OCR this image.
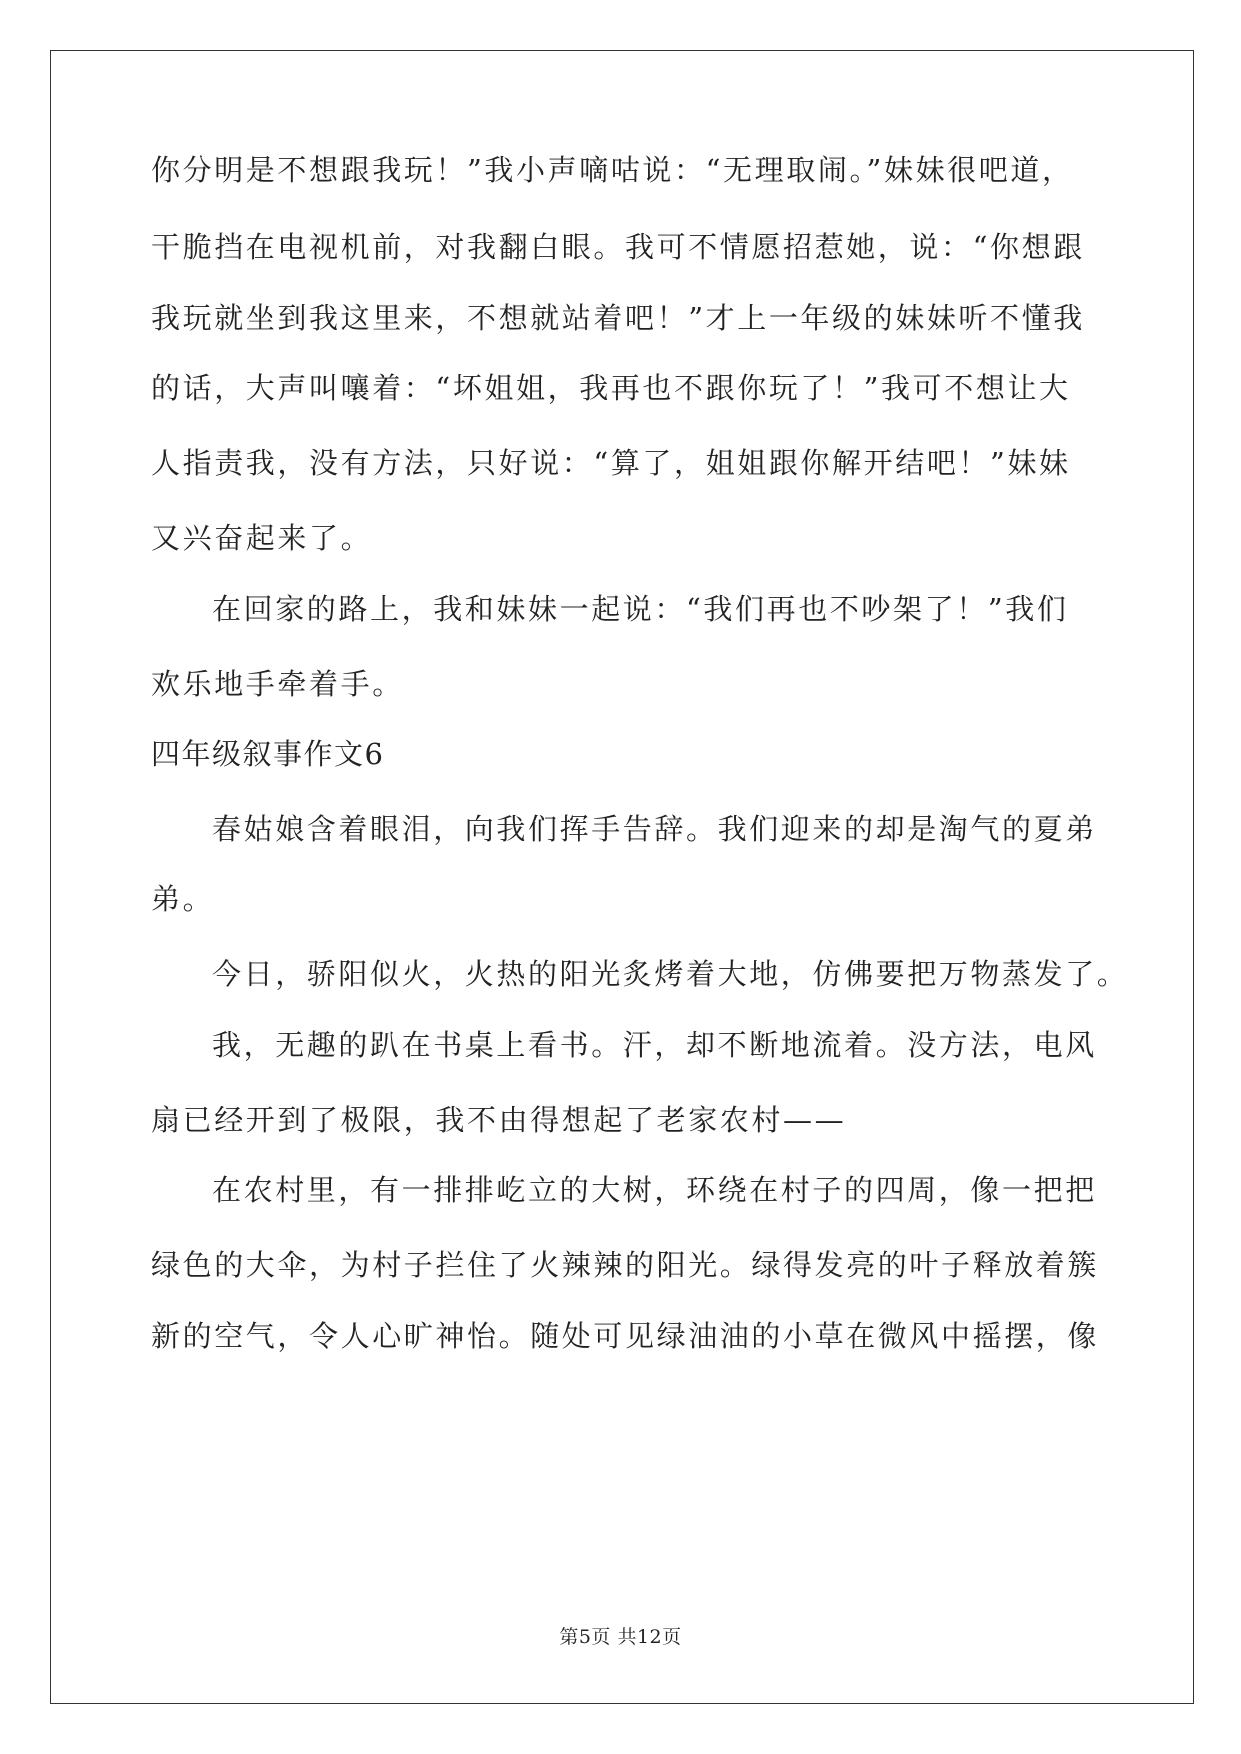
你分明是不想跟我玩！”我小声嘀咕说：“无理取闹。”妹妹很吧道，
干脆挡在电视机前，对我翻白眼。我可不情愿招惹她，说：“你想跟
我玩就坐到我这里来，不想就站着吧！”才上一年级的妹妹听不懂我
的话，大声叫嚷着：“坏姐姐，我再也不跟你玩了！”我可不想让大
人指责我，没有方法，只好说：“算了，姐姐跟你解开结吧！”妹妹
又兴奋起来了。
在回家的路上，我和妹妹一起说：“我们再也不吵架了！”我们
欢乐地手牵着手。
四年级叙事作文6
春姑娘含着眼泪，向我们挥手告辞。我们迎来的却是淘气的夏弟
弟。
今日，骄阳似火，火热的阳光炙烤着大地，仿佛要把万物蒸发了。
我，无趣的趴在书桌上看书。汗，却不断地流着。没方法，电风
扇已经开到了极限，我不由得想起了老家农村——
在农村里，有一排排屹立的大树，环绕在村子的四周，像一把把
绿色的大伞，为村子拦住了火辣辣的阳光。绿得发亮的叶子释放着簇
新的空气，令人心旷神怡。随处可见绿油油的小草在微风中摇摆，像
第5页 共12页
